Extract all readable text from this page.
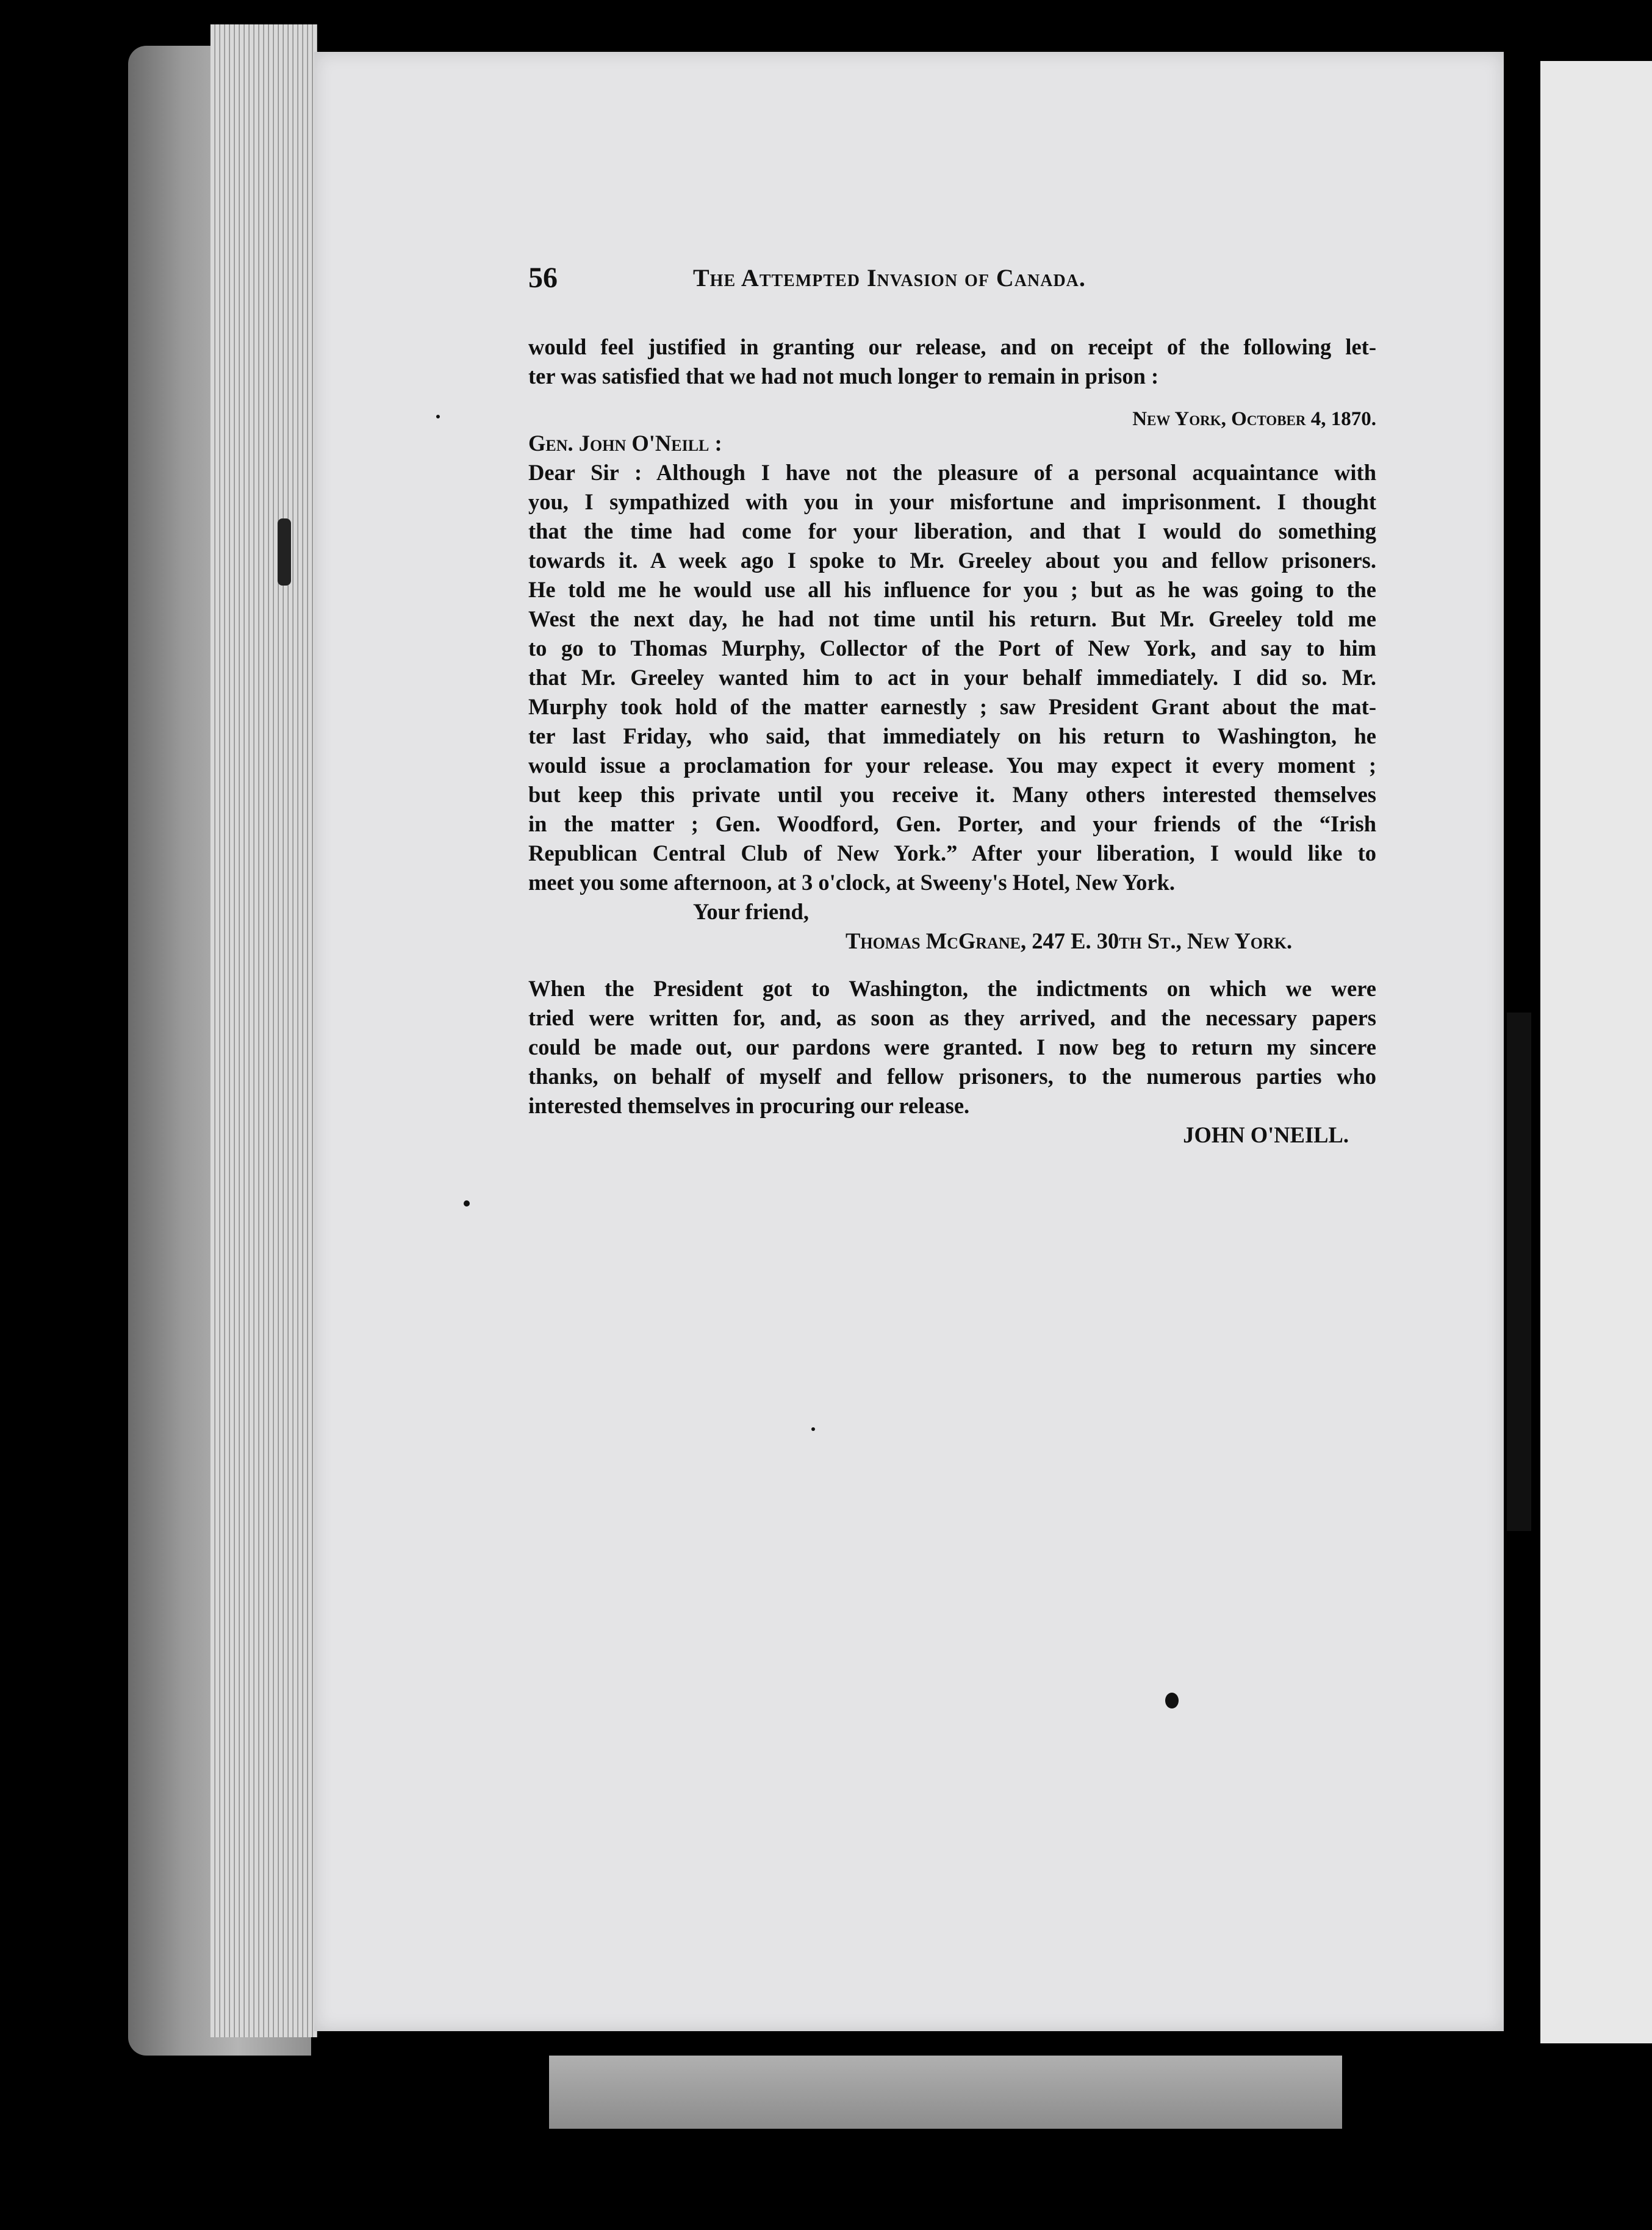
56	The Attempted Invasion of Canada.
would feel justified in granting our release, and on receipt of the following let-
ter was satisfied that we had not much longer to remain in prison :
New York, October 4, 1870.
Gen. John O'Neill :
Dear Sir : Although I have not the pleasure of a personal acquaintance with
you, I sympathized with you in your misfortune and imprisonment. I thought
that the time had come for your liberation, and that I would do something
towards it. A week ago I spoke to Mr. Greeley about you and fellow prisoners.
He told me he would use all his influence for you ; but as he was going to the
West the next day, he had not time until his return. But Mr. Greeley told me
to go to Thomas Murphy, Collector of the Port of New York, and say to him
that Mr. Greeley wanted him to act in your behalf immediately. I did so. Mr.
Murphy took hold of the matter earnestly ; saw President Grant about the mat-
ter last Friday, who said, that immediately on his return to Washington, he
would issue a proclamation for your release. You may expect it every moment ;
but keep this private until you receive it. Many others interested themselves
in the matter ; Gen. Woodford, Gen. Porter, and your friends of the “Irish
Republican Central Club of New York.” After your liberation, I would like to
meet you some afternoon, at 3 o'clock, at Sweeny's Hotel, New York.
Your friend,
Thomas McGrane, 247 E. 30th St., New York.
When the President got to Washington, the indictments on which we were
tried were written for, and, as soon as they arrived, and the necessary papers
could be made out, our pardons were granted. I now beg to return my sincere
thanks, on behalf of myself and fellow prisoners, to the numerous parties who
interested themselves in procuring our release.
JOHN O'NEILL.
